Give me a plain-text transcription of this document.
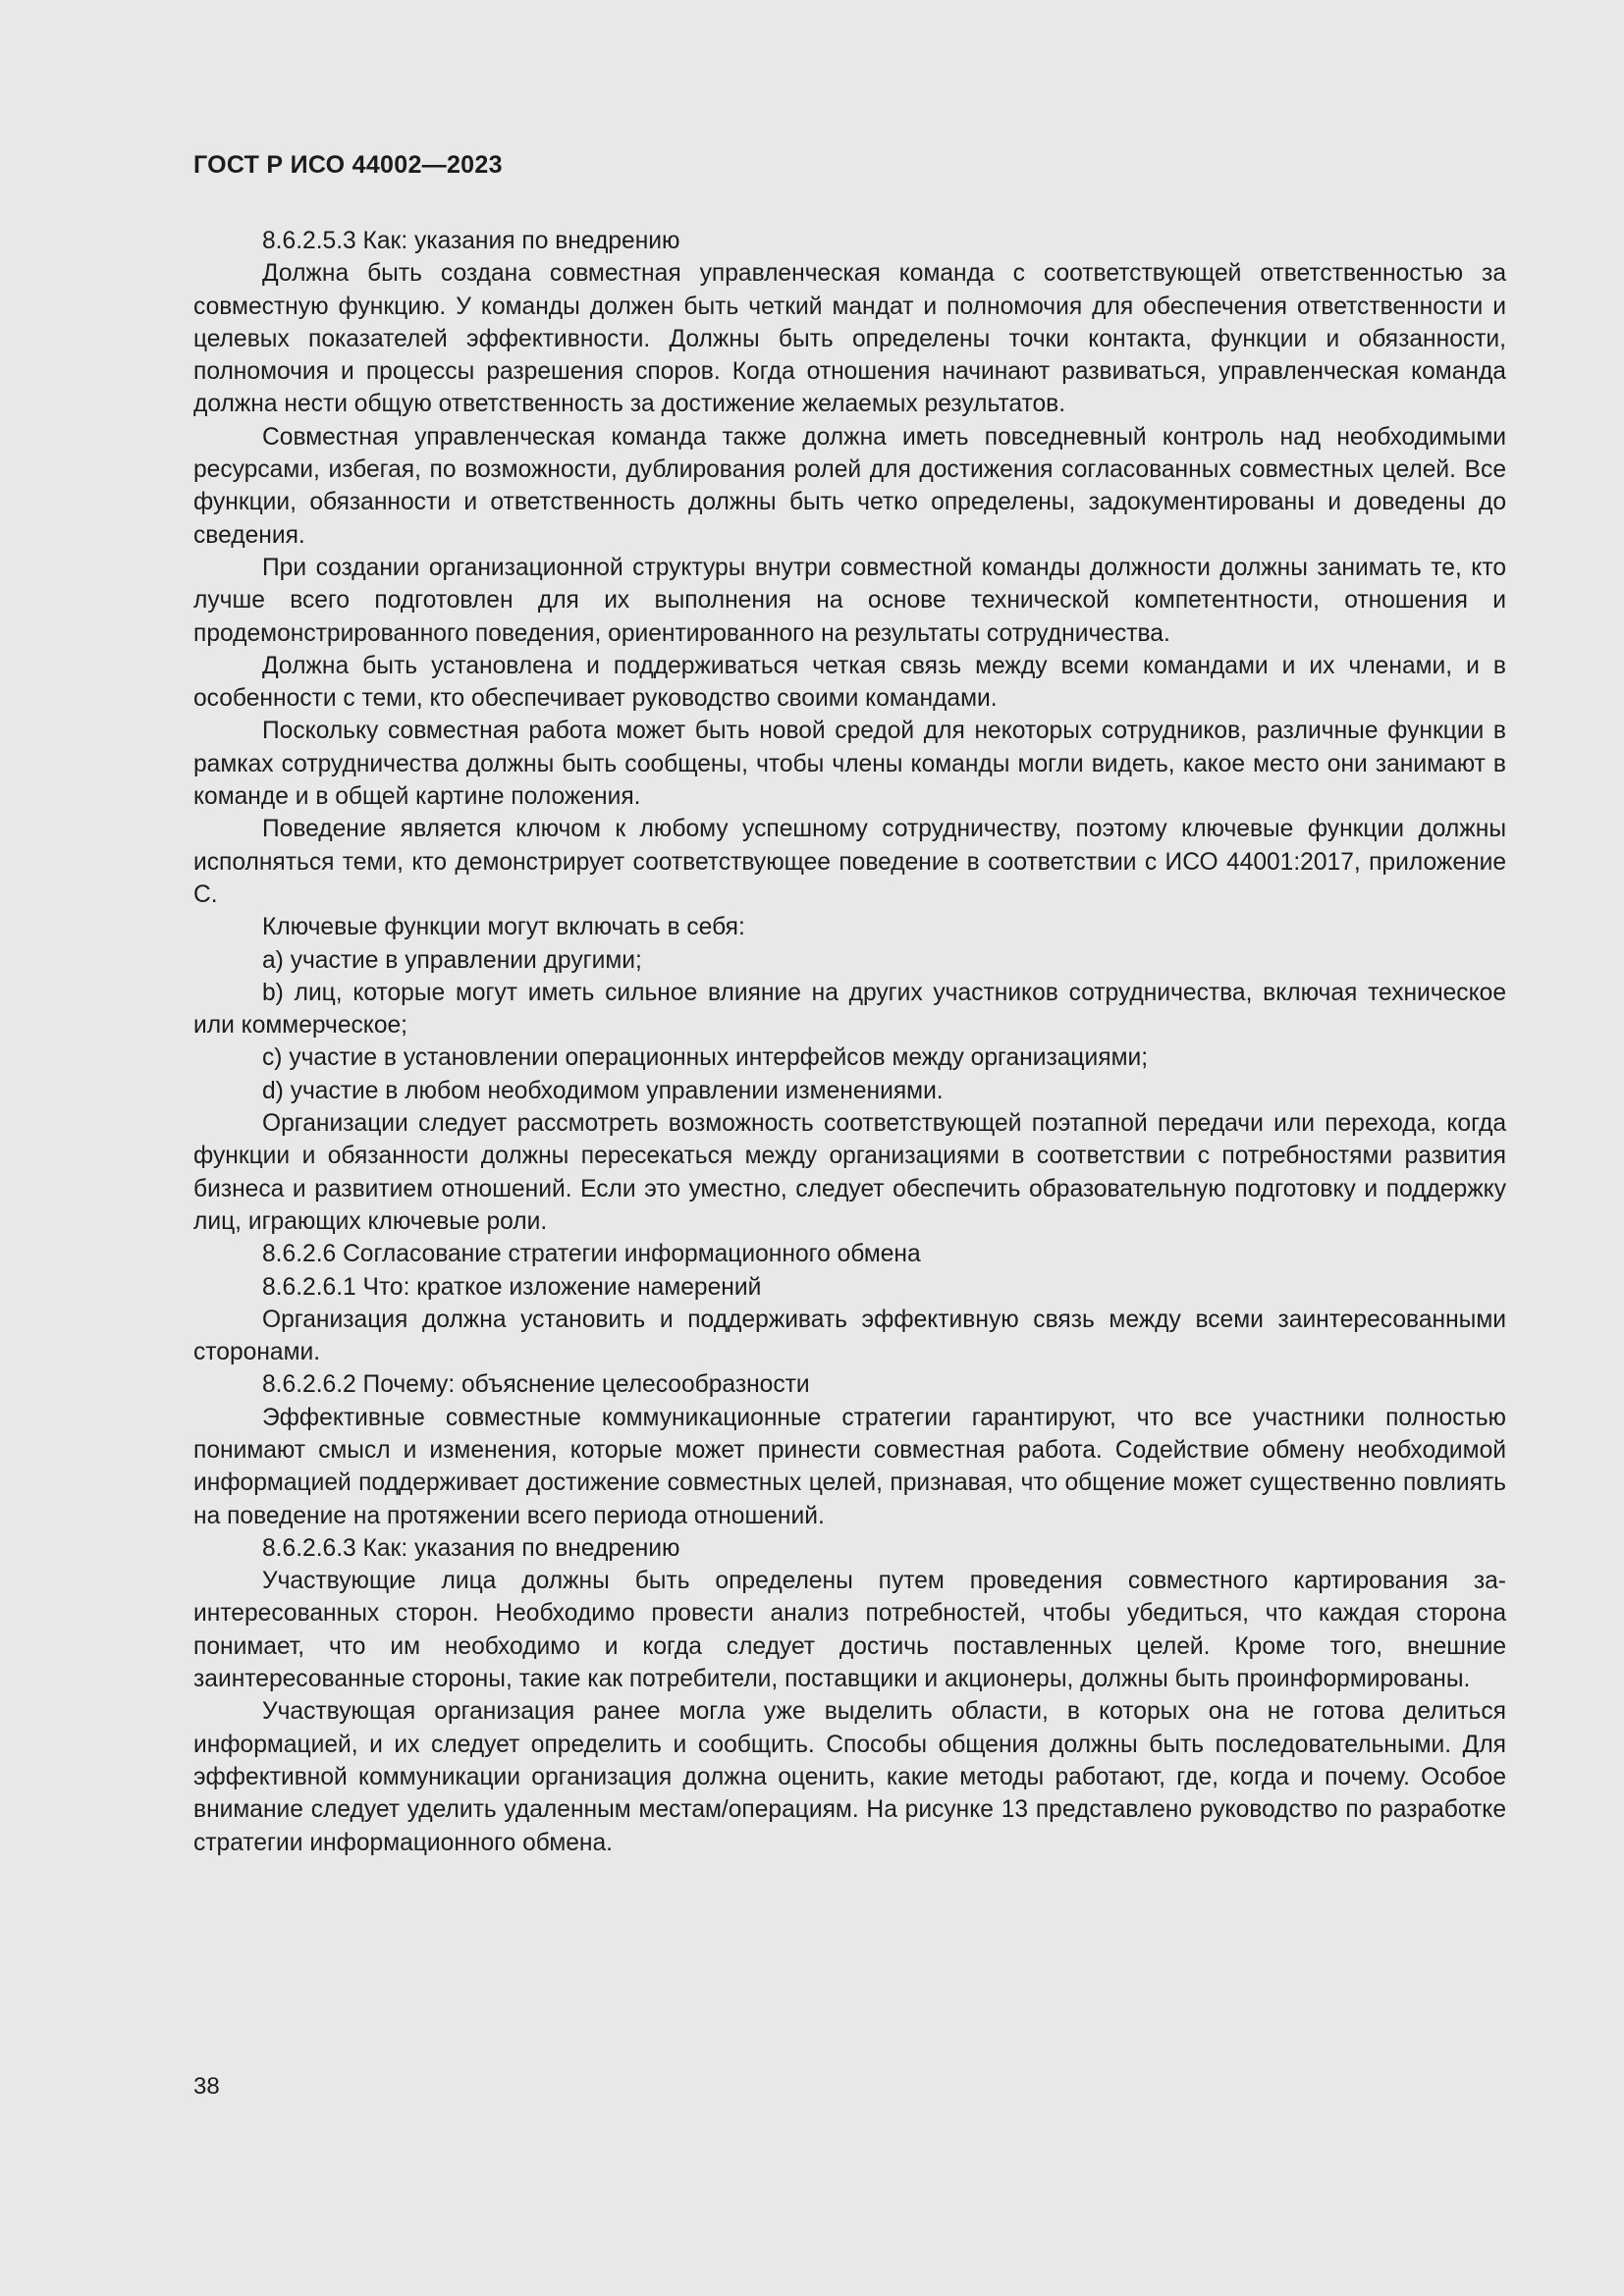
ГОСТ Р ИСО 44002—2023

8.6.2.5.3 Как: указания по внедрению

Должна быть создана совместная управленческая команда с соответствующей ответственностью за совместную функцию. У команды должен быть четкий мандат и полномочия для обеспечения ответственности и целевых показателей эффективности. Должны быть определены точки контакта, функции и обязанности, полномочия и процессы разрешения споров. Когда отношения начинают развиваться, управленческая команда должна нести общую ответственность за достижение желаемых результатов.

Совместная управленческая команда также должна иметь повседневный контроль над необходимыми ресурсами, избегая, по возможности, дублирования ролей для достижения согласованных совместных целей. Все функции, обязанности и ответственность должны быть четко определены, задокументированы и доведены до сведения.

При создании организационной структуры внутри совместной команды должности должны занимать те, кто лучше всего подготовлен для их выполнения на основе технической компетентности, отношения и продемонстрированного поведения, ориентированного на результаты сотрудничества.

Должна быть установлена и поддерживаться четкая связь между всеми командами и их членами, и в особенности с теми, кто обеспечивает руководство своими командами.

Поскольку совместная работа может быть новой средой для некоторых сотрудников, различные функции в рамках сотрудничества должны быть сообщены, чтобы члены команды могли видеть, какое место они занимают в команде и в общей картине положения.

Поведение является ключом к любому успешному сотрудничеству, поэтому ключевые функции должны исполняться теми, кто демонстрирует соответствующее поведение в соответствии с ИСО 44001:2017, приложение С.

Ключевые функции могут включать в себя:

a) участие в управлении другими;

b) лиц, которые могут иметь сильное влияние на других участников сотрудничества, включая техническое или коммерческое;

c) участие в установлении операционных интерфейсов между организациями;

d) участие в любом необходимом управлении изменениями.

Организации следует рассмотреть возможность соответствующей поэтапной передачи или перехода, когда функции и обязанности должны пересекаться между организациями в соответствии с потребностями развития бизнеса и развитием отношений. Если это уместно, следует обеспечить образовательную подготовку и поддержку лиц, играющих ключевые роли.

8.6.2.6 Согласование стратегии информационного обмена

8.6.2.6.1 Что: краткое изложение намерений

Организация должна установить и поддерживать эффективную связь между всеми заинтересованными сторонами.

8.6.2.6.2 Почему: объяснение целесообразности

Эффективные совместные коммуникационные стратегии гарантируют, что все участники полностью понимают смысл и изменения, которые может принести совместная работа. Содействие обмену необходимой информацией поддерживает достижение совместных целей, признавая, что общение может существенно повлиять на поведение на протяжении всего периода отношений.

8.6.2.6.3 Как: указания по внедрению

Участвующие лица должны быть определены путем проведения совместного картирования заинтересованных сторон. Необходимо провести анализ потребностей, чтобы убедиться, что каждая сторона понимает, что им необходимо и когда следует достичь поставленных целей. Кроме того, внешние заинтересованные стороны, такие как потребители, поставщики и акционеры, должны быть проинформированы.

Участвующая организация ранее могла уже выделить области, в которых она не готова делиться информацией, и их следует определить и сообщить. Способы общения должны быть последовательными. Для эффективной коммуникации организация должна оценить, какие методы работают, где, когда и почему. Особое внимание следует уделить удаленным местам/операциям. На рисунке 13 представлено руководство по разработке стратегии информационного обмена.

38
